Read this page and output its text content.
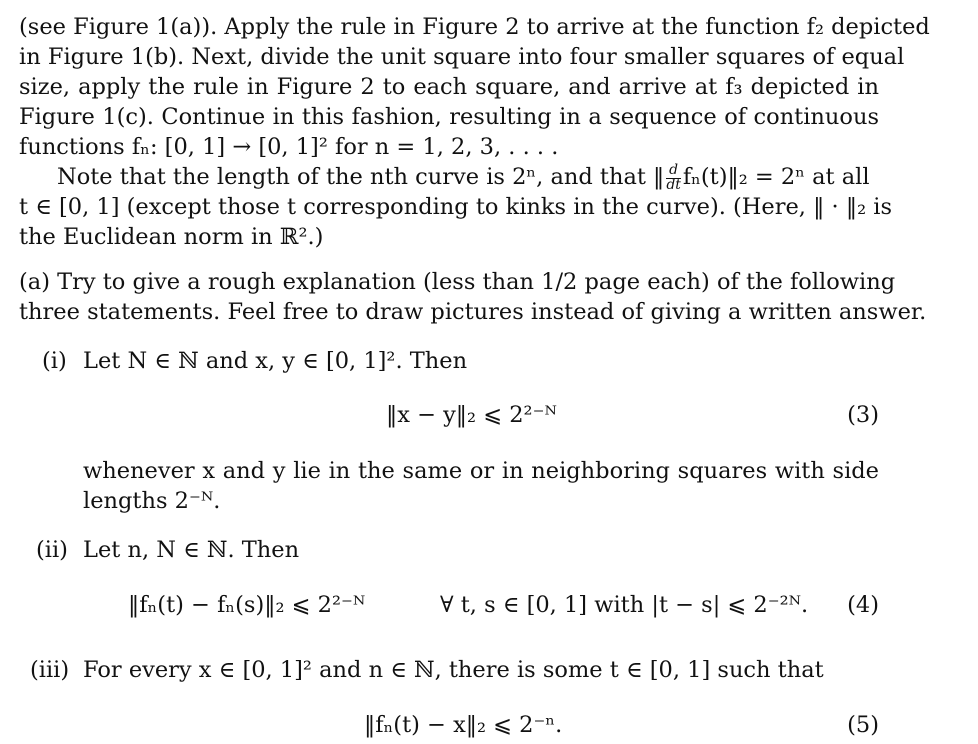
(see Figure 1(a)). Apply the rule in Figure 2 to arrive at the function f₂ depicted
in Figure 1(b). Next, divide the unit square into four smaller squares of equal
size, apply the rule in Figure 2 to each square, and arrive at f₃ depicted in
Figure 1(c). Continue in this fashion, resulting in a sequence of continuous
functions fₙ: [0, 1] → [0, 1]² for n = 1, 2, 3, . . . .
Note that the length of the nth curve is 2ⁿ, and that ‖ $\frac{d}{dt}$ fₙ(t)‖₂ = 2ⁿ at all
t ∈ [0, 1] (except those t corresponding to kinks in the curve). (Here, ‖ · ‖₂ is
the Euclidean norm in ℝ².)
(a) Try to give a rough explanation (less than 1/2 page each) of the following
three statements. Feel free to draw pictures instead of giving a written answer.
(i) Let N ∈ ℕ and x, y ∈ [0, 1]². Then
‖x − y‖₂ ⩽ 2²⁻ᴺ	(3)
whenever x and y lie in the same or in neighboring squares with side
lengths 2⁻ᴺ.
(ii) Let n, N ∈ ℕ. Then
‖fₙ(t) − fₙ(s)‖₂ ⩽ 2²⁻ᴺ	∀ t, s ∈ [0, 1] with |t − s| ⩽ 2⁻²ᴺ. (4)
(iii) For every x ∈ [0, 1]² and n ∈ ℕ, there is some t ∈ [0, 1] such that
‖fₙ(t) − x‖₂ ⩽ 2⁻ⁿ.	(5)
